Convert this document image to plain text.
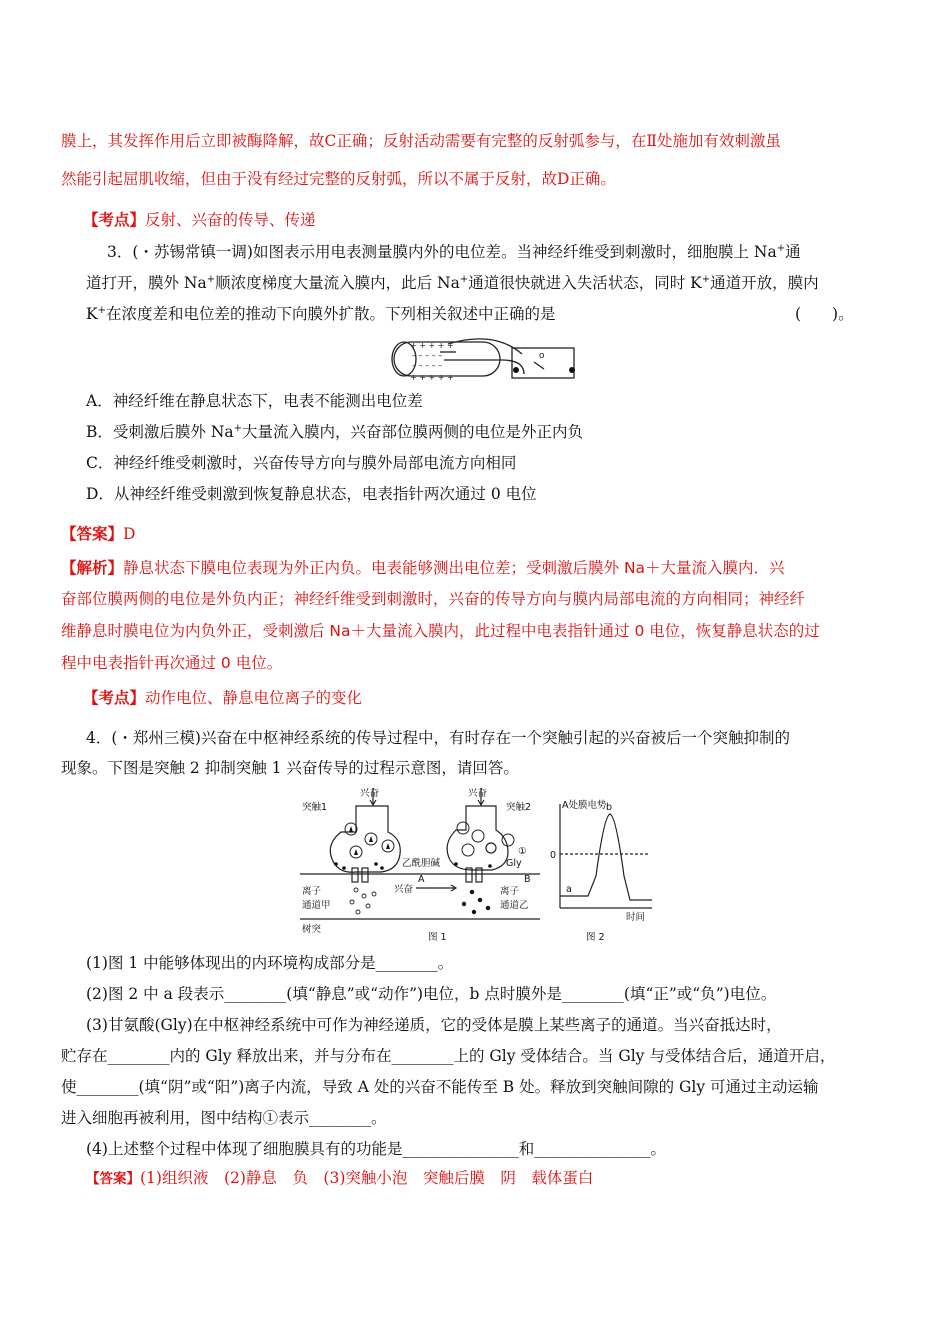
膜上，其发挥作用后立即被酶降解，故C正确；反射活动需要有完整的反射弧参与，在Ⅱ处施加有效刺激虽
然能引起屈肌收缩，但由于没有经过完整的反射弧，所以不属于反射，故D正确。
【考点】反射、兴奋的传导、传递
3．(・苏锡常镇一调)如图表示用电表测量膜内外的电位差。当神经纤维受到刺激时，细胞膜上 Na+通
道打开，膜外 Na+顺浓度梯度大量流入膜内，此后 Na+通道很快就进入失活状态，同时 K+通道开放，膜内
K+在浓度差和电位差的推动下向膜外扩散。下列相关叙述中正确的是	(　　)。
+ + + + +
– – – – –
– – – – –
+ + + + +
o
A．神经纤维在静息状态下，电表不能测出电位差
B．受刺激后膜外 Na+大量流入膜内，兴奋部位膜两侧的电位是外正内负
C．神经纤维受刺激时，兴奋传导方向与膜外局部电流方向相同
D．从神经纤维受刺激到恢复静息状态，电表指针两次通过 0 电位
【答案】D
【解析】静息状态下膜电位表现为外正内负。电表能够测出电位差；受刺激后膜外 Na＋大量流入膜内．兴
奋部位膜两侧的电位是外负内正；神经纤维受到刺激时，兴奋的传导方向与膜内局部电流的方向相同；神经纤
维静息时膜电位为内负外正，受刺激后 Na＋大量流入膜内，此过程中电表指针通过 0 电位，恢复静息状态的过
程中电表指针再次通过 0 电位。
【考点】动作电位、静息电位离子的变化
4．(・郑州三模)兴奋在中枢神经系统的传导过程中，有时存在一个突触引起的兴奋被后一个突触抑制的
现象。下图是突触 2 抑制突触 1 兴奋传导的过程示意图，请回答。
兴奋	兴奋
突触1	突触2
乙酰胆碱	Gly
离子
通道甲
离子
通道乙
A	B
兴奋
树突
图 1
①
A处膜电势
0
a
b
时间
图 2
(1)图 1 中能够体现出的内环境构成部分是________。
(2)图 2 中 a 段表示________(填“静息”或“动作”)电位，b 点时膜外是________(填“正”或“负”)电位。
(3)甘氨酸(Gly)在中枢神经系统中可作为神经递质，它的受体是膜上某些离子的通道。当兴奋抵达时，
贮存在________内的 Gly 释放出来，并与分布在________上的 Gly 受体结合。当 Gly 与受体结合后，通道开启，
使________(填“阴”或“阳”)离子内流，导致 A 处的兴奋不能传至 B 处。释放到突触间隙的 Gly 可通过主动运输
进入细胞再被利用，图中结构①表示________。
(4)上述整个过程中体现了细胞膜具有的功能是_______________和_______________。
【答案】(1)组织液　(2)静息　负　(3)突触小泡　突触后膜　阴　载体蛋白
